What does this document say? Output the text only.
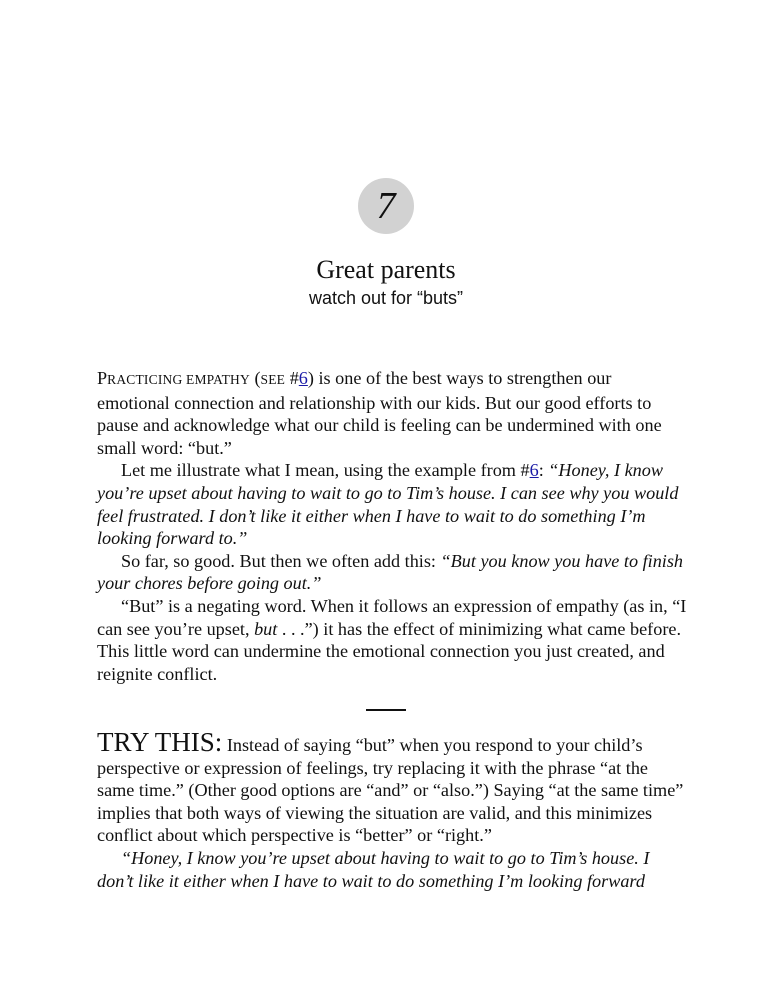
7
Great parents
watch out for “buts”

PRACTICING EMPATHY (SEE #6) is one of the best ways to strengthen our emotional connection and relationship with our kids. But our good efforts to pause and acknowledge what our child is feeling can be undermined with one small word: “but.”

Let me illustrate what I mean, using the example from #6: “Honey, I know you’re upset about having to wait to go to Tim’s house. I can see why you would feel frustrated. I don’t like it either when I have to wait to do something I’m looking forward to.”

So far, so good. But then we often add this: “But you know you have to finish your chores before going out.”

“But” is a negating word. When it follows an expression of empathy (as in, “I can see you’re upset, but . . .”) it has the effect of minimizing what came before. This little word can undermine the emotional connection you just created, and reignite conflict.

TRY THIS: Instead of saying “but” when you respond to your child’s perspective or expression of feelings, try replacing it with the phrase “at the same time.” (Other good options are “and” or “also.”) Saying “at the same time” implies that both ways of viewing the situation are valid, and this minimizes conflict about which perspective is “better” or “right.”

“Honey, I know you’re upset about having to wait to go to Tim’s house. I don’t like it either when I have to wait to do something I’m looking forward
